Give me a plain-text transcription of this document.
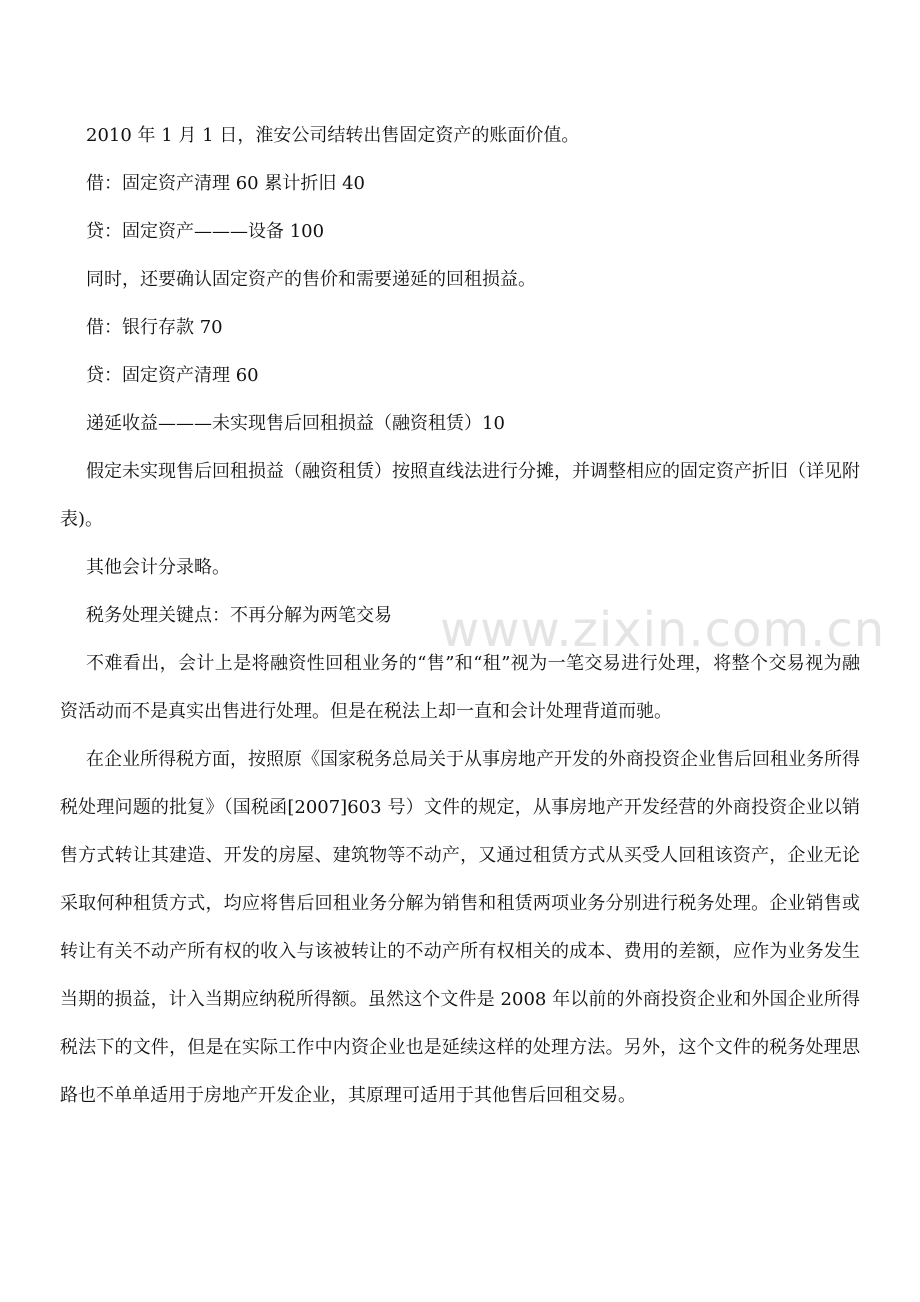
www.zixin.com.cn

2010 年 1 月 1 日，淮安公司结转出售固定资产的账面价值。

借：固定资产清理 60 累计折旧 40

贷：固定资产———设备 100

同时，还要确认固定资产的售价和需要递延的回租损益。

借：银行存款 70

贷：固定资产清理 60

递延收益———未实现售后回租损益（融资租赁）10

假定未实现售后回租损益（融资租赁）按照直线法进行分摊，并调整相应的固定资产折旧（详见附表)。

其他会计分录略。

税务处理关键点：不再分解为两笔交易

不难看出，会计上是将融资性回租业务的“售”和“租”视为一笔交易进行处理，将整个交易视为融资活动而不是真实出售进行处理。但是在税法上却一直和会计处理背道而驰。

在企业所得税方面，按照原《国家税务总局关于从事房地产开发的外商投资企业售后回租业务所得税处理问题的批复》（国税函[2007]603 号）文件的规定，从事房地产开发经营的外商投资企业以销售方式转让其建造、开发的房屋、建筑物等不动产，又通过租赁方式从买受人回租该资产，企业无论采取何种租赁方式，均应将售后回租业务分解为销售和租赁两项业务分别进行税务处理。企业销售或转让有关不动产所有权的收入与该被转让的不动产所有权相关的成本、费用的差额，应作为业务发生当期的损益，计入当期应纳税所得额。虽然这个文件是 2008 年以前的外商投资企业和外国企业所得税法下的文件，但是在实际工作中内资企业也是延续这样的处理方法。另外，这个文件的税务处理思路也不单单适用于房地产开发企业，其原理可适用于其他售后回租交易。
